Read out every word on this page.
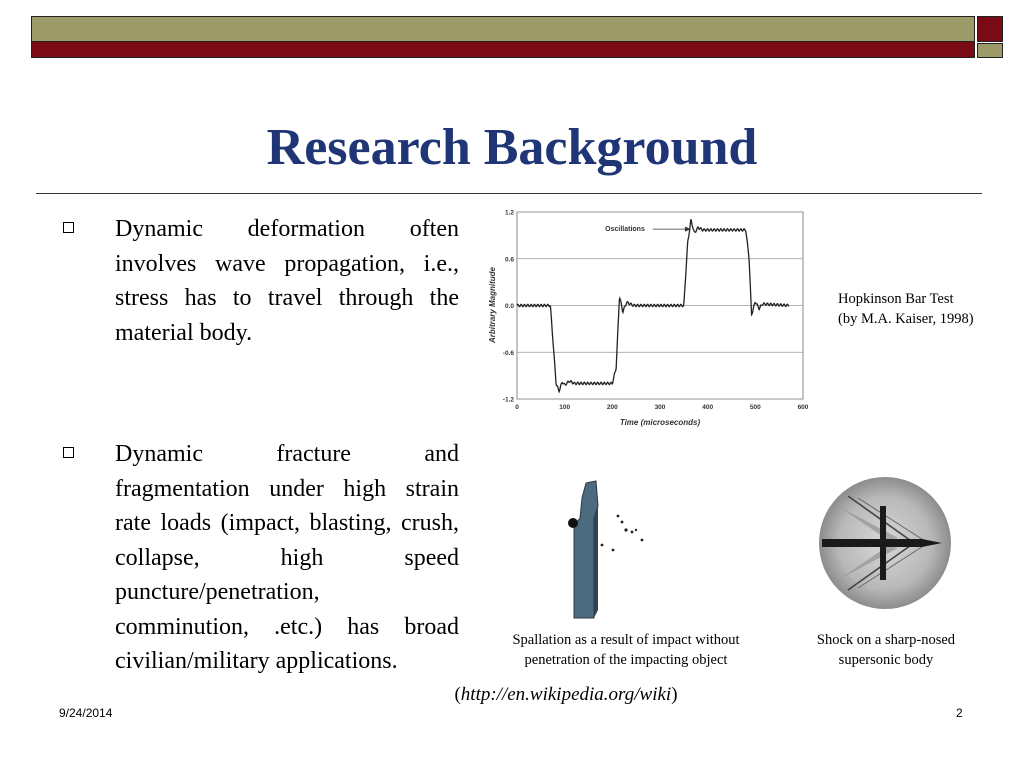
Research Background
Dynamic deformation often involves wave propagation, i.e., stress has to travel through the material body.
Dynamic fracture and fragmentation under high strain rate loads (impact, blasting, crush, collapse, high speed puncture/penetration, comminution, .etc.) has broad civilian/military applications.
1.2
0.6
0.0
-0.6
-1.2
0	100	200	300	400	500	600
Oscillations
Time (microseconds)
Arbitrary Magnitude	Hopkinson Bar Test
(by M.A. Kaiser, 1998)
Spallation as a result of impact without penetration of the impacting object
Shock on a sharp-nosed supersonic body
(http://en.wikipedia.org/wiki)
9/24/2014	2
